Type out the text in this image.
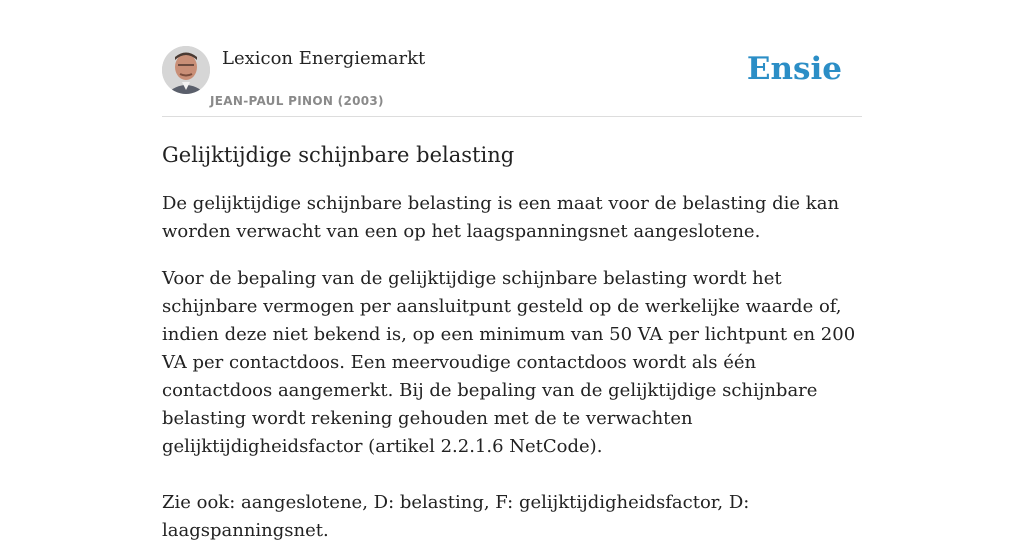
Lexicon Energiemarkt
JEAN-PAUL PINON (2003)
Ensie
Gelijktijdige schijnbare belasting

De gelijktijdige schijnbare belasting is een maat voor de belasting die kan worden verwacht van een op het laagspanningsnet aangeslotene.

Voor de bepaling van de gelijktijdige schijnbare belasting wordt het schijnbare vermogen per aansluitpunt gesteld op de werkelijke waarde of, indien deze niet bekend is, op een minimum van 50 VA per lichtpunt en 200 VA per contactdoos. Een meervoudige contactdoos wordt als één contactdoos aangemerkt. Bij de bepaling van de gelijktijdige schijnbare belasting wordt rekening gehouden met de te verwachten gelijktijdigheidsfactor (artikel 2.2.1.6 NetCode).

Zie ook: aangeslotene, D: belasting, F: gelijktijdigheidsfactor, D: laagspanningsnet.
